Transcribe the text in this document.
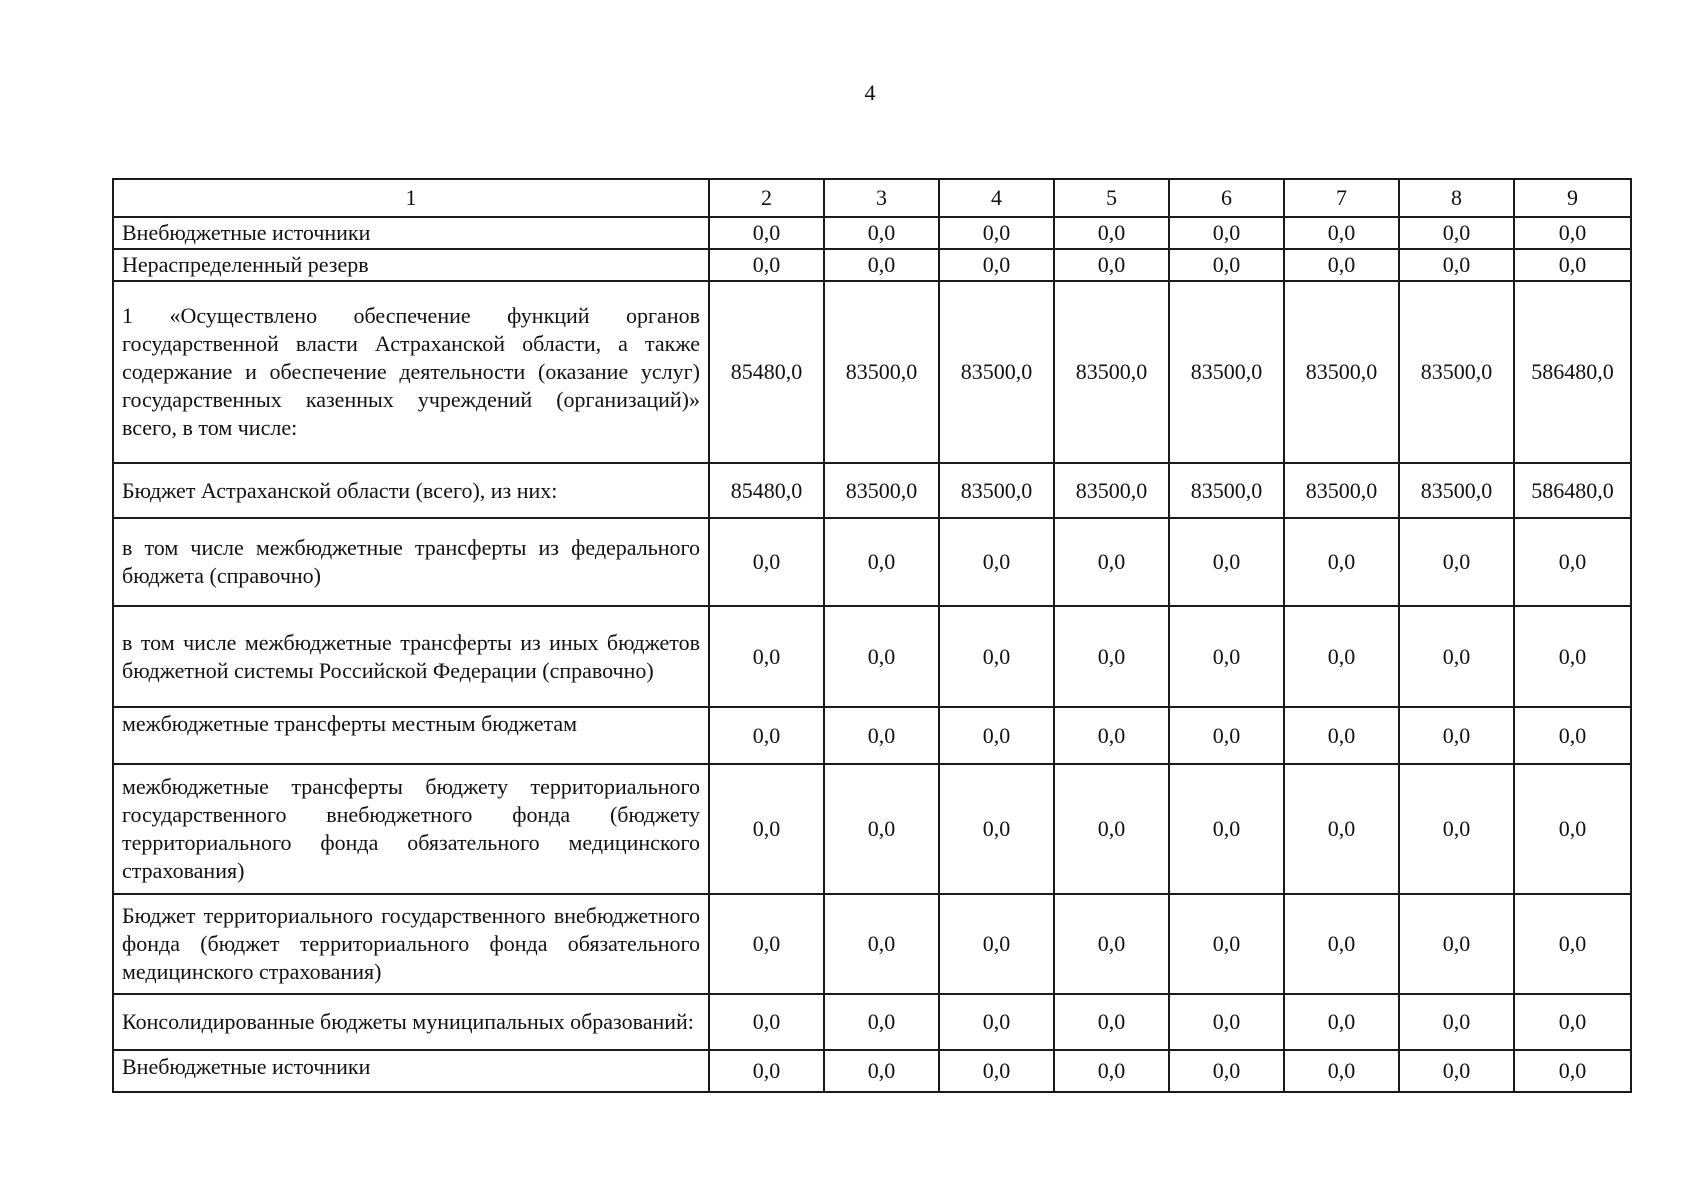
4
1	2	3	4	5	6	7	8	9
Внебюджетные источники	0,0	0,0	0,0	0,0	0,0	0,0	0,0	0,0
Нераспределенный резерв	0,0	0,0	0,0	0,0	0,0	0,0	0,0	0,0
1 «Осуществлено обеспечение функций органов государственной власти Астраханской области, а также содержание и обеспечение деятельности (оказание услуг) государственных казенных учреждений (организаций)» всего, в том числе:	85480,0	83500,0	83500,0	83500,0	83500,0	83500,0	83500,0	586480,0
Бюджет Астраханской области (всего), из них:	85480,0	83500,0	83500,0	83500,0	83500,0	83500,0	83500,0	586480,0
в том числе межбюджетные трансферты из федерального бюджета (справочно)	0,0	0,0	0,0	0,0	0,0	0,0	0,0	0,0
в том числе межбюджетные трансферты из иных бюджетов бюджетной системы Российской Федерации (справочно)	0,0	0,0	0,0	0,0	0,0	0,0	0,0	0,0
межбюджетные трансферты местным бюджетам	0,0	0,0	0,0	0,0	0,0	0,0	0,0	0,0
межбюджетные трансферты бюджету территориального государственного внебюджетного фонда (бюджету территориального фонда обязательного медицинского страхования)	0,0	0,0	0,0	0,0	0,0	0,0	0,0	0,0
Бюджет территориального государственного внебюджетного фонда (бюджет территориального фонда обязательного медицинского страхования)	0,0	0,0	0,0	0,0	0,0	0,0	0,0	0,0
Консолидированные бюджеты муниципальных образований:	0,0	0,0	0,0	0,0	0,0	0,0	0,0	0,0
Внебюджетные источники	0,0	0,0	0,0	0,0	0,0	0,0	0,0	0,0
